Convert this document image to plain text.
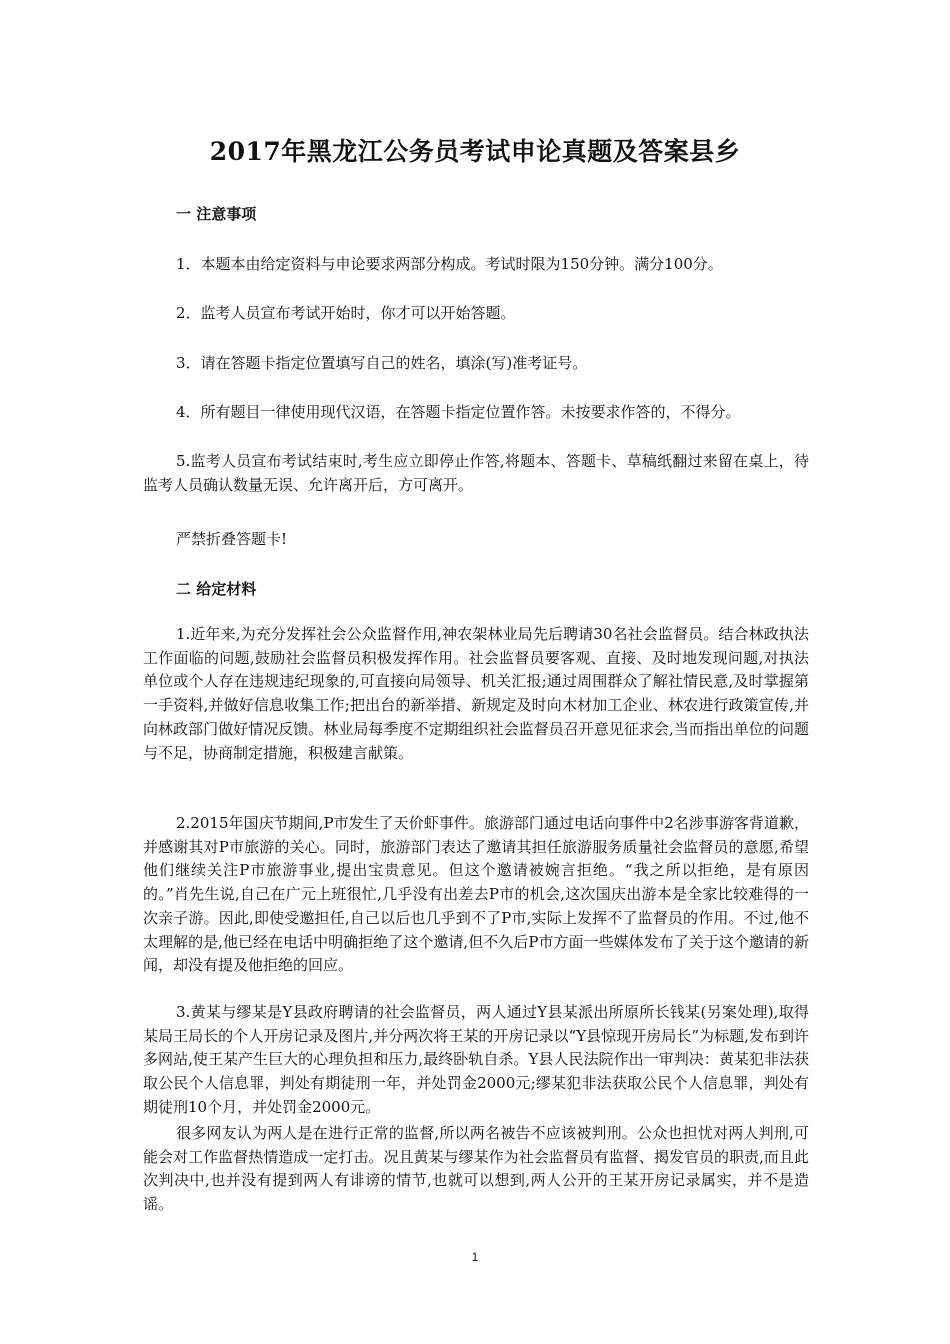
2017年黑龙江公务员考试申论真题及答案县乡
一 注意事项
1．本题本由给定资料与申论要求两部分构成。考试时限为150分钟。满分100分。
2．监考人员宣布考试开始时，你才可以开始答题。
3．请在答题卡指定位置填写自己的姓名，填涂(写)准考证号。
4．所有题目一律使用现代汉语，在答题卡指定位置作答。未按要求作答的，不得分。

5.监考人员宣布考试结束时,考生应立即停止作答,将题本、答题卡、草稿纸翻过来留在桌上，待监考人员确认数量无误、允许离开后，方可离开。

严禁折叠答题卡!
二 给定材料

1.近年来,为充分发挥社会公众监督作用,神农架林业局先后聘请30名社会监督员。结合林政执法工作面临的问题,鼓励社会监督员积极发挥作用。社会监督员要客观、直接、及时地发现问题,对执法单位或个人存在违规违纪现象的,可直接向局领导、机关汇报;通过周围群众了解社情民意,及时掌握第一手资料,并做好信息收集工作;把出台的新举措、新规定及时向木材加工企业、林农进行政策宣传,并向林政部门做好情况反馈。林业局每季度不定期组织社会监督员召开意见征求会,当而指出单位的问题与不足，协商制定措施，积极建言献策。

2.2015年国庆节期间,P市发生了天价虾事件。旅游部门通过电话向事件中2名涉事游客背道歉，并感谢其对P市旅游的关心。同时，旅游部门表达了邀请其担任旅游服务质量社会监督员的意愿,希望他们继续关注P市旅游事业,提出宝贵意见。但这个邀请被婉言拒绝。“我之所以拒绝，是有原因的。”肖先生说,自己在广元上班很忙,几乎没有出差去P市的机会,这次国庆出游本是全家比较难得的一次亲子游。因此,即使受邀担任,自己以后也几乎到不了P市,实际上发挥不了监督员的作用。不过,他不太理解的是,他已经在电话中明确拒绝了这个邀请,但不久后P市方面一些媒体发布了关于这个邀请的新闻，却没有提及他拒绝的回应。

3.黄某与缪某是Y县政府聘请的社会监督员，两人通过Y县某派出所原所长钱某(另案处理),取得某局王局长的个人开房记录及图片,并分两次将王某的开房记录以“Y县惊现开房局长”为标题,发布到许多网站,使王某产生巨大的心理负担和压力,最终卧轨自杀。Y县人民法院作出一审判决：黄某犯非法获取公民个人信息罪，判处有期徒刑一年，并处罚金2000元;缪某犯非法获取公民个人信息罪，判处有期徒刑10个月，并处罚金2000元。

很多网友认为两人是在进行正常的监督,所以两名被告不应该被判刑。公众也担忧对两人判刑,可能会对工作监督热情造成一定打击。况且黄某与缪某作为社会监督员有监督、揭发官员的职责,而且此次判决中,也并没有提到两人有诽谤的情节,也就可以想到,两人公开的王某开房记录属实，并不是造谣。

1
